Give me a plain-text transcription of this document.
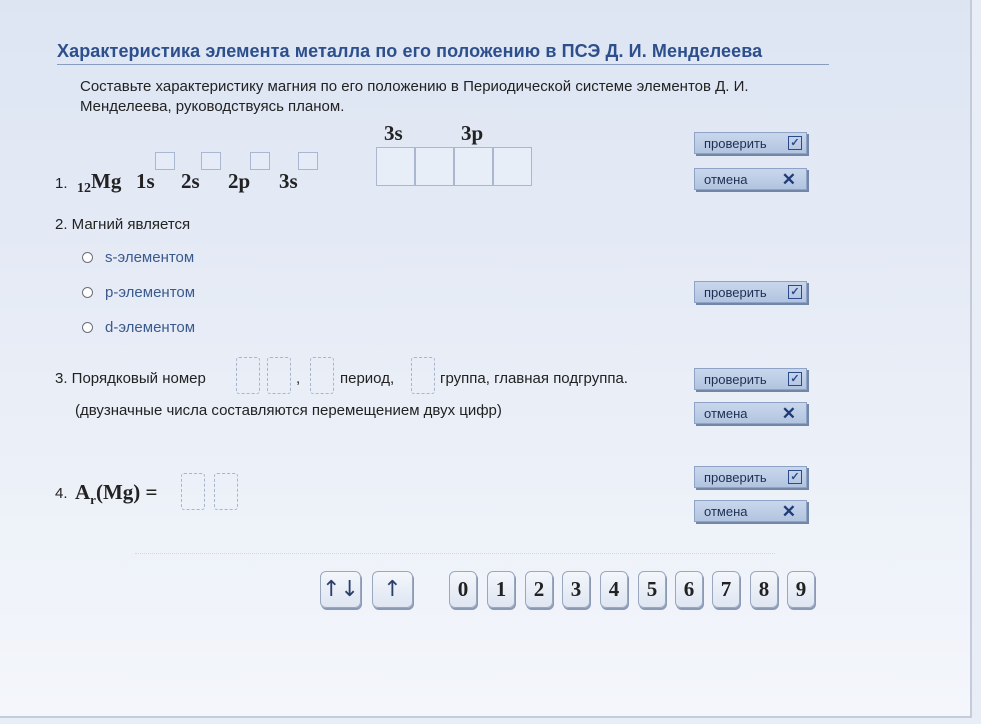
Характеристика элемента металла по его положению в ПСЭ Д. И. Менделеева
Составьте характеристику магния по его положению в Периодической системе элементов Д. И. Менделеева, руководствуясь планом.
1. 12Mg 1s 2s 2p 3s
3s	3p	проверить ✓
отмена ✕
2. Магний является
s-элементом
p-элементом
d-элементом
проверить ✓
3. Порядковый номер	,	период,	группа, главная подгруппа.
(двузначные числа составляются перемещением двух цифр)
проверить ✓
отмена ✕
4. $A_r(Mg)$ =
проверить ✓
отмена ✕
↑↓	↑	0	1	2	3	4	5	6	7	8	9
